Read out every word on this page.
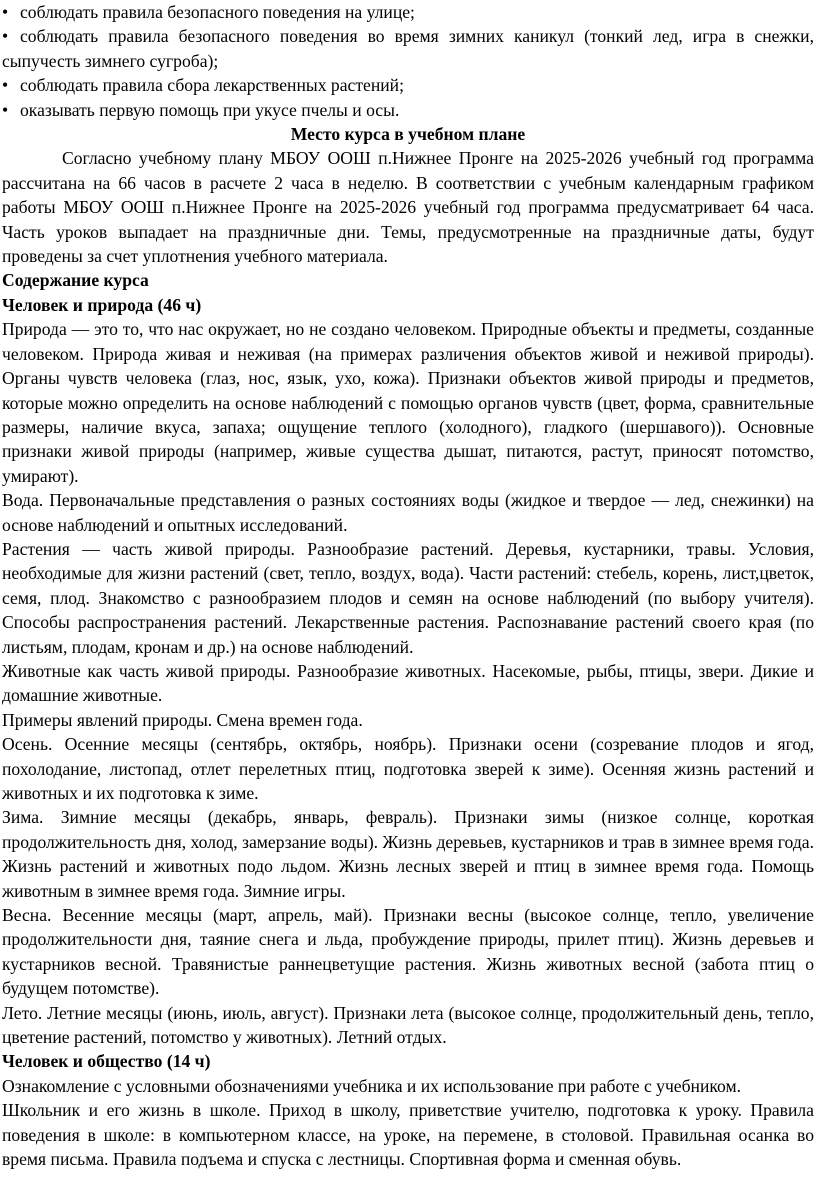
• соблюдать правила безопасного поведения на улице;

• соблюдать правила безопасного поведения во время зимних каникул (тонкий лед, игра в снежки, сыпучесть зимнего сугроба);

• соблюдать правила сбора лекарственных растений;

• оказывать первую помощь при укусе пчелы и осы.

Место курса в учебном плане

Согласно учебному плану МБОУ ООШ п.Нижнее Пронге на 2025-2026 учебный год программа рассчитана на 66 часов в расчете 2 часа в неделю. В соответствии с учебным календарным графиком работы МБОУ ООШ п.Нижнее Пронге на 2025-2026 учебный год программа предусматривает 64 часа. Часть уроков выпадает на праздничные дни. Темы, предусмотренные на праздничные даты, будут проведены за счет уплотнения учебного материала.

Содержание курса

Человек и природа (46 ч)

Природа — это то, что нас окружает, но не создано человеком. Природные объекты и предметы, созданные человеком. Природа живая и неживая (на примерах различения объектов живой и неживой природы). Органы чувств человека (глаз, нос, язык, ухо, кожа). Признаки объектов живой природы и предметов, которые можно определить на основе наблюдений с помощью органов чувств (цвет, форма, сравнительные размеры, наличие вкуса, запаха; ощущение теплого (холодного), гладкого (шершавого)). Основные признаки живой природы (например, живые существа дышат, питаются, растут, приносят потомство, умирают).

Вода. Первоначальные представления о разных состояниях воды (жидкое и твердое — лед, снежинки) на основе наблюдений и опытных исследований.

Растения — часть живой природы. Разнообразие растений. Деревья, кустарники, травы. Условия, необходимые для жизни растений (свет, тепло, воздух, вода). Части растений: стебель, корень, лист,цветок, семя, плод. Знакомство с разнообразием плодов и семян на основе наблюдений (по выбору учителя). Способы распространения растений. Лекарственные растения. Распознавание растений своего края (по листьям, плодам, кронам и др.) на основе наблюдений.

Животные как часть живой природы. Разнообразие животных. Насекомые, рыбы, птицы, звери. Дикие и домашние животные.

Примеры явлений природы. Смена времен года.

Осень. Осенние месяцы (сентябрь, октябрь, ноябрь). Признаки осени (созревание плодов и ягод, похолодание, листопад, отлет перелетных птиц, подготовка зверей к зиме). Осенняя жизнь растений и животных и их подготовка к зиме.

Зима. Зимние месяцы (декабрь, январь, февраль). Признаки зимы (низкое солнце, короткая продолжительность дня, холод, замерзание воды). Жизнь деревьев, кустарников и трав в зимнее время года. Жизнь растений и животных подо льдом. Жизнь лесных зверей и птиц в зимнее время года. Помощь животным в зимнее время года. Зимние игры.

Весна. Весенние месяцы (март, апрель, май). Признаки весны (высокое солнце, тепло, увеличение продолжительности дня, таяние снега и льда, пробуждение природы, прилет птиц). Жизнь деревьев и кустарников весной. Травянистые раннецветущие растения. Жизнь животных весной (забота птиц о будущем потомстве).

Лето. Летние месяцы (июнь, июль, август). Признаки лета (высокое солнце, продолжительный день, тепло, цветение растений, потомство у животных). Летний отдых.

Человек и общество (14 ч)

Ознакомление с условными обозначениями учебника и их использование при работе с учебником.

Школьник и его жизнь в школе. Приход в школу, приветствие учителю, подготовка к уроку. Правила поведения в школе: в компьютерном классе, на уроке, на перемене, в столовой. Правильная осанка во время письма. Правила подъема и спуска с лестницы. Спортивная форма и сменная обувь.
